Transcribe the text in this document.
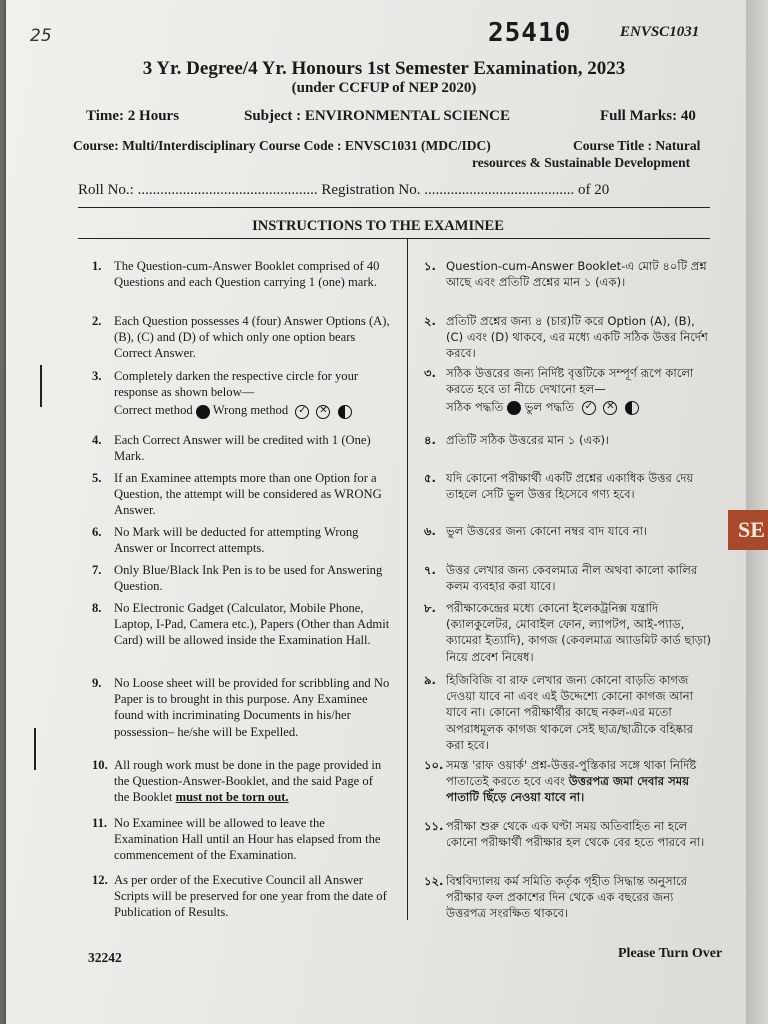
25	25410	ENVSC1031
3 Yr. Degree/4 Yr. Honours 1st Semester Examination, 2023
(under CCFUP of NEP 2020)
Time: 2 Hours	Subject : ENVIRONMENTAL SCIENCE	Full Marks: 40
Course: Multi/Interdisciplinary Course Code : ENVSC1031 (MDC/IDC)	Course Title : Natural
resources & Sustainable Development
Roll No.: ................................................ Registration No. ........................................ of 20
INSTRUCTIONS TO THE EXAMINEE
1. The Question-cum-Answer Booklet comprised of 40 Questions and each Question carrying 1 (one) mark.
2. Each Question possesses 4 (four) Answer Options (A), (B), (C) and (D) of which only one option bears Correct Answer.
3. Completely darken the respective circle for your response as shown below—
Correct method Wrong method ✓
✕

4. Each Correct Answer will be credited with 1 (One) Mark.
5. If an Examinee attempts more than one Option for a Question, the attempt will be considered as WRONG Answer.
6. No Mark will be deducted for attempting Wrong Answer or Incorrect attempts.
7. Only Blue/Black Ink Pen is to be used for Answering Question.
8. No Electronic Gadget (Calculator, Mobile Phone, Laptop, I-Pad, Camera etc.), Papers (Other than Admit Card) will be allowed inside the Examination Hall.
9. No Loose sheet will be provided for scribbling and No Paper is to brought in this purpose. Any Examinee found with incriminating Documents in his/her possession– he/she will be Expelled.
10. All rough work must be done in the page provided in the Question-Answer-Booklet, and the said Page of the Booklet must not be torn out.
11. No Examinee will be allowed to leave the Examination Hall until an Hour has elapsed from the commencement of the Examination.
12. As per order of the Executive Council all Answer Scripts will be preserved for one year from the date of Publication of Results.
১. Question-cum-Answer Booklet-এ মোট ৪০টি প্রশ্ন আছে এবং প্রতিটি প্রশ্নের মান ১ (এক)।
২. প্রতিটি প্রশ্নের জন্য ৪ (চার)টি করে Option (A), (B), (C) এবং (D) থাকবে, এর মধ্যে একটি সঠিক উত্তর নির্দেশ করবে।
৩. সঠিক উত্তরের জন্য নির্দিষ্ট বৃত্তটিকে সম্পূর্ণ রূপে কালো করতে হবে তা নীচে দেখানো হল—
সঠিক পদ্ধতি ভুল পদ্ধতি ✓
✕

৪. প্রতিটি সঠিক উত্তরের মান ১ (এক)।
৫. যদি কোনো পরীক্ষার্থী একটি প্রশ্নের একাধিক উত্তর দেয় তাহলে সেটি ভুল উত্তর হিসেবে গণ্য হবে।
৬. ভুল উত্তরের জন্য কোনো নম্বর বাদ যাবে না।
৭. উত্তর লেখার জন্য কেবলমাত্র নীল অথবা কালো কালির কলম ব্যবহার করা যাবে।
৮. পরীক্ষাকেন্দ্রের মধ্যে কোনো ইলেকট্রনিক্স যন্ত্রাদি (ক্যালকুলেটর, মোবাইল ফোন, ল্যাপটপ, আই-প্যাড, ক্যামেরা ইত্যাদি), কাগজ (কেবলমাত্র অ্যাডমিট কার্ড ছাড়া) নিয়ে প্রবেশ নিষেধ।
৯. হিজিবিজি বা রাফ লেখার জন্য কোনো বাড়তি কাগজ দেওয়া যাবে না এবং এই উদ্দেশ্যে কোনো কাগজ আনা যাবে না। কোনো পরীক্ষার্থীর কাছে নকল-এর মতো অপরাধমূলক কাগজ থাকলে সেই ছাত্র/ছাত্রীকে বহিষ্কার করা হবে।
১০. সমস্ত 'রাফ ওয়ার্ক' প্রশ্ন-উত্তর-পুস্তিকার সঙ্গে থাকা নির্দিষ্ট পাতাতেই করতে হবে এবং উত্তরপত্র জমা দেবার সময় পাতাটি ছিঁড়ে নেওয়া যাবে না।
১১. পরীক্ষা শুরু থেকে এক ঘণ্টা সময় অতিবাহিত না হলে কোনো পরীক্ষার্থী পরীক্ষার হল থেকে বের হতে পারবে না।
১২. বিশ্ববিদ্যালয় কর্ম সমিতি কর্তৃক গৃহীত সিদ্ধান্ত অনুসারে পরীক্ষার ফল প্রকাশের দিন থেকে এক বছরের জন্য উত্তরপত্র সংরক্ষিত থাকবে।
SE
32242	Please Turn Over
